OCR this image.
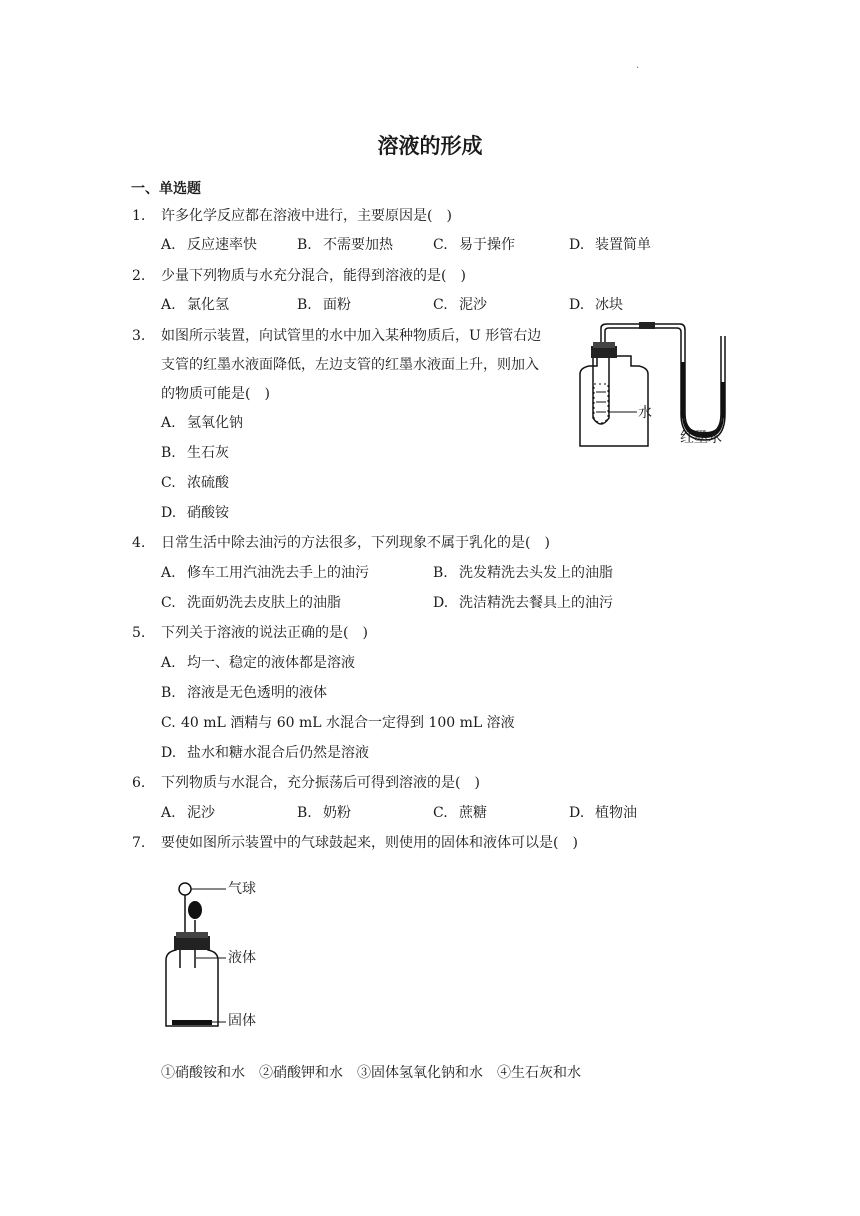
.
溶液的形成
一、单选题
1. 许多化学反应都在溶液中进行，主要原因是(　)
A. 反应速率快	B. 不需要加热	C. 易于操作	D. 装置简单
2. 少量下列物质与水充分混合，能得到溶液的是(　)
A. 氯化氢	B. 面粉	C. 泥沙	D. 冰块
3. 如图所示装置，向试管里的水中加入某种物质后，U 形管右边
支管的红墨水液面降低，左边支管的红墨水液面上升，则加入
的物质可能是(　)
A. 氢氧化钠
B. 生石灰
C. 浓硫酸
D. 硝酸铵
水
红墨水
4. 日常生活中除去油污的方法很多，下列现象不属于乳化的是(　)
A. 修车工用汽油洗去手上的油污	B. 洗发精洗去头发上的油脂
C. 洗面奶洗去皮肤上的油脂	D. 洗洁精洗去餐具上的油污
5. 下列关于溶液的说法正确的是(　)
A. 均一、稳定的液体都是溶液
B. 溶液是无色透明的液体
C. 40 mL 酒精与 60 mL 水混合一定得到 100 mL 溶液
D. 盐水和糖水混合后仍然是溶液
6. 下列物质与水混合，充分振荡后可得到溶液的是(　)
A. 泥沙	B. 奶粉	C. 蔗糖	D. 植物油
7. 要使如图所示装置中的气球鼓起来，则使用的固体和液体可以是(　)
气球
液体
固体
①硝酸铵和水　②硝酸钾和水　③固体氢氧化钠和水　④生石灰和水
